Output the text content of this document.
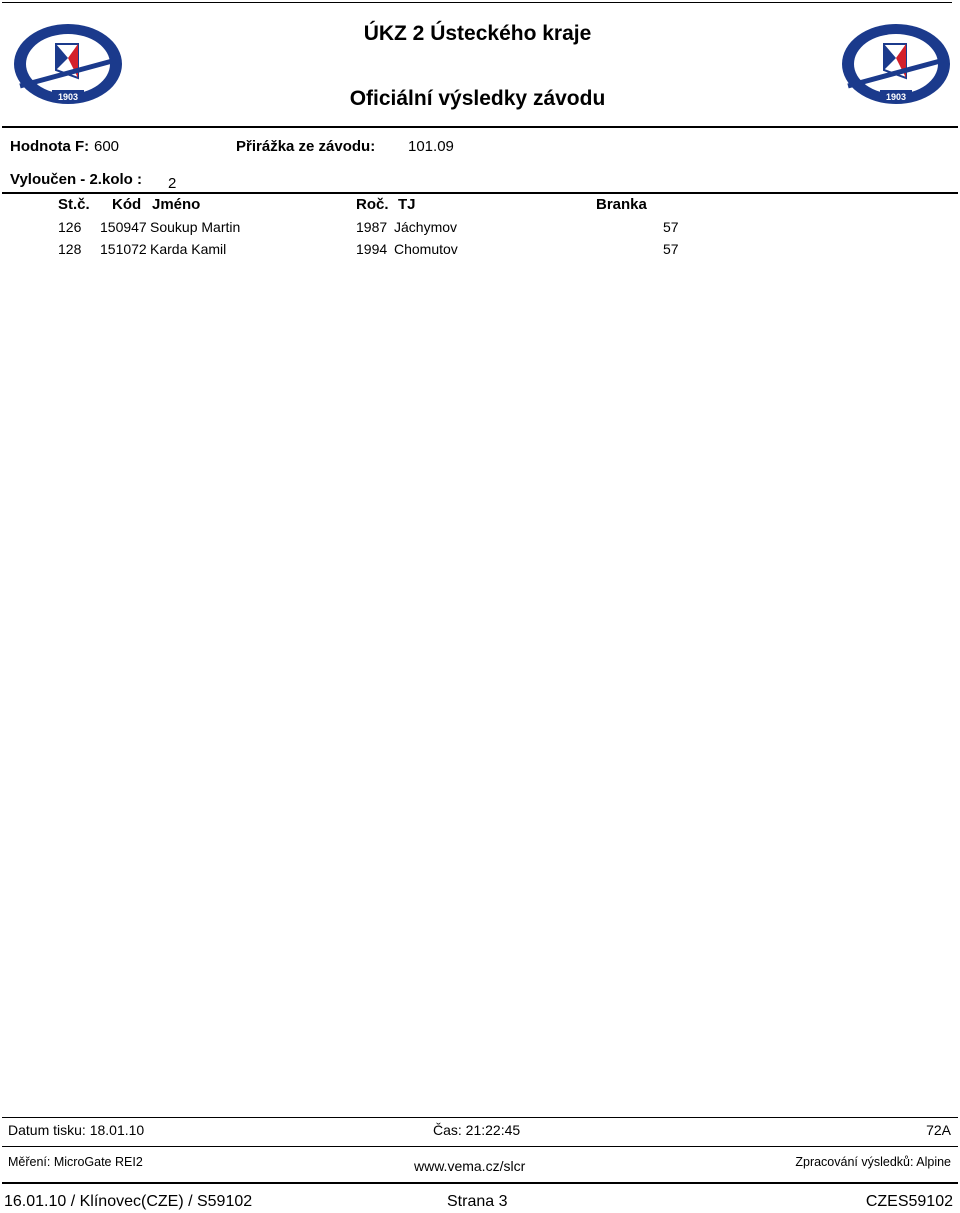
1903	1903
ÚKZ 2 Ústeckého kraje
Oficiální výsledky závodu
Hodnota F: 600	Přirážka ze závodu: 101.09
Vyloučen - 2.kolo : 2
St.č. Kód Jméno	Roč. TJ	Branka
126 150947 Soukup Martin	1987 Jáchymov	57
128 151072 Karda Kamil	1994 Chomutov	57
Datum tisku: 18.01.10	Čas: 21:22:45	72A
Měření: MicroGate REI2	www.vema.cz/slcr	Zpracování výsledků: Alpine
16.01.10 / Klínovec(CZE) / S59102	Strana 3	CZES59102
